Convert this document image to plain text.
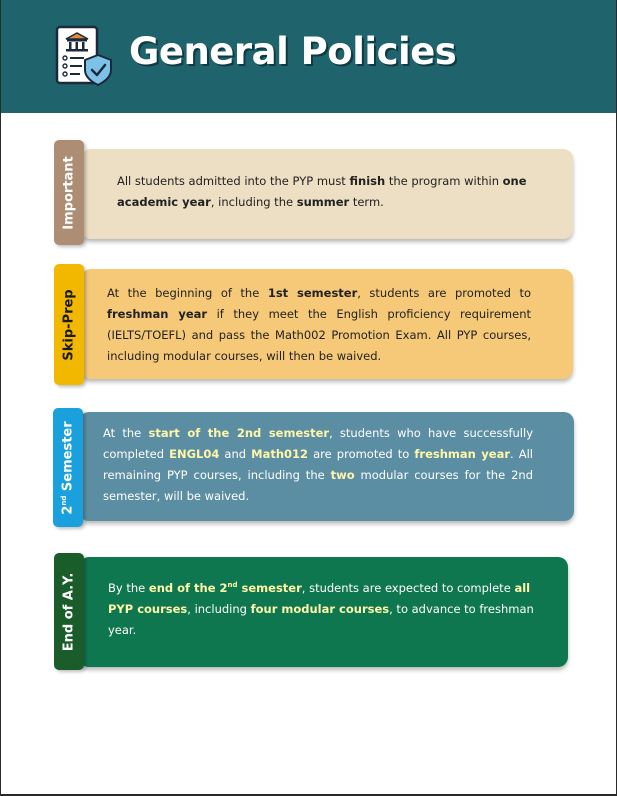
General Policies
Important	All students admitted into the PYP must finish the program within one academic year, including the summer term.

Skip-Prep	At the beginning of the 1st semester, students are promoted to freshman year if they meet the English proficiency requirement (IELTS/TOEFL) and pass the Math002 Promotion Exam. All PYP courses, including modular courses, will then be waived.

2nd Semester At the start of the 2nd semester, students who have successfully completed ENGL04 and Math012 are promoted to freshman year. All remaining PYP courses, including the two modular courses for the 2nd semester, will be waived.

End of A.Y.	By the end of the 2nd semester, students are expected to complete all PYP courses, including four modular courses, to advance to freshman year.
